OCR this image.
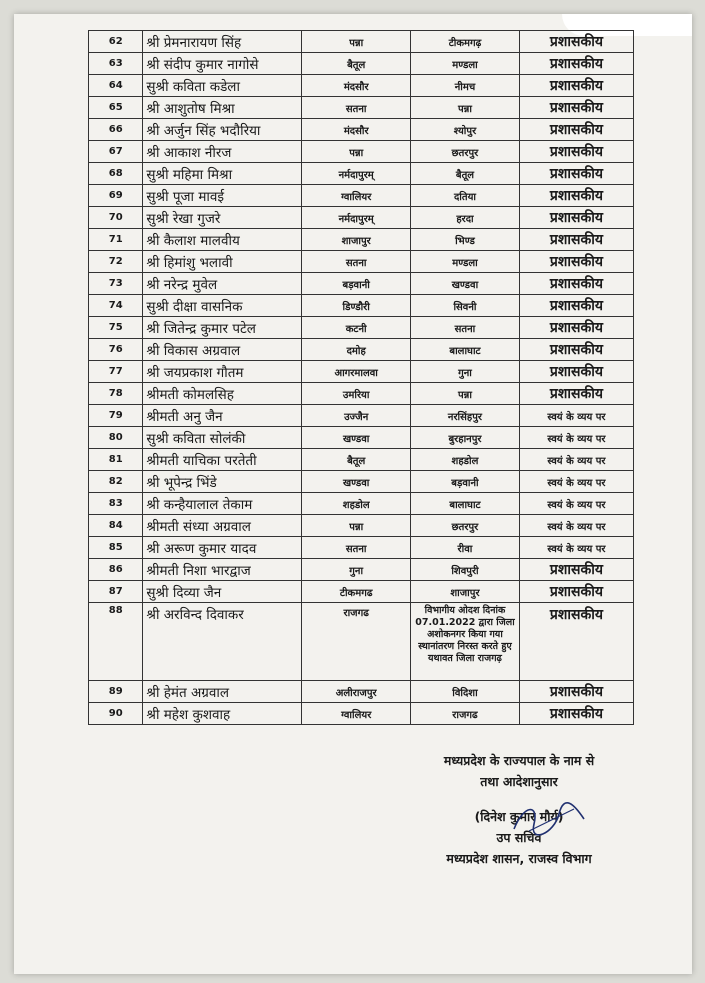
62	श्री प्रेमनारायण सिंह	पन्ना	टीकमगढ़	प्रशासकीय
63	श्री संदीप कुमार नागोसे	बैतूल	मण्डला	प्रशासकीय
64	सुश्री कविता कडेला	मंदसौर	नीमच	प्रशासकीय
65	श्री आशुतोष मिश्रा	सतना	पन्ना	प्रशासकीय
66	श्री अर्जुन सिंह भदौरिया	मंदसौर	श्योपुर	प्रशासकीय
67	श्री आकाश नीरज	पन्ना	छतरपुर	प्रशासकीय
68	सुश्री महिमा मिश्रा	नर्मदापुरम्	बैतूल	प्रशासकीय
69	सुश्री पूजा मावई	ग्वालियर	दतिया	प्रशासकीय
70	सुश्री रेखा गुजरे	नर्मदापुरम्	हरदा	प्रशासकीय
71	श्री कैलाश मालवीय	शाजापुर	भिण्ड	प्रशासकीय
72	श्री हिमांशु भलावी	सतना	मण्डला	प्रशासकीय
73	श्री नरेन्द्र मुवेल	बड़वानी	खण्डवा	प्रशासकीय
74	सुश्री दीक्षा वासनिक	डिण्डौरी	सिवनी	प्रशासकीय
75	श्री जितेन्द्र कुमार पटेल	कटनी	सतना	प्रशासकीय
76	श्री विकास अग्रवाल	दमोह	बालाघाट	प्रशासकीय
77	श्री जयप्रकाश गौतम	आगरमालवा	गुना	प्रशासकीय
78	श्रीमती कोमलसिह	उमरिया	पन्ना	प्रशासकीय
79	श्रीमती अनु जैन	उज्जैन	नरसिंहपुर	स्वयं के व्यय पर
80	सुश्री कविता सोलंकी	खण्डवा	बुरहानपुर	स्वयं के व्यय पर
81	श्रीमती याचिका परतेती	बैतूल	शहडोल	स्वयं के व्यय पर
82	श्री भूपेन्द्र भिंडे	खण्डवा	बड़वानी	स्वयं के व्यय पर
83	श्री कन्हैयालाल तेकाम	शहडोल	बालाघाट	स्वयं के व्यय पर
84	श्रीमती संध्या अग्रवाल	पन्ना	छतरपुर	स्वयं के व्यय पर
85	श्री अरूण कुमार यादव	सतना	रीवा	स्वयं के व्यय पर
86	श्रीमती निशा भारद्वाज	गुना	शिवपुरी	प्रशासकीय
87	सुश्री दिव्या जैन	टीकमगढ	शाजापुर	प्रशासकीय
88	श्री अरविन्द दिवाकर	राजगढ	विभागीय ओदश दिनांक 07.01.2022 द्वारा जिला अशोकनगर किया गया स्थानांतरण निरस्त करते हुए यथावत जिला राजगढ़	प्रशासकीय
89	श्री हेमंत अग्रवाल	अलीराजपुर	विदिशा	प्रशासकीय
90	श्री महेश कुशवाह	ग्वालियर	राजगढ	प्रशासकीय
मध्यप्रदेश के राज्यपाल के नाम से
तथा आदेशानुसार
(दिनेश कुमार मौर्य)
उप सचिव
मध्यप्रदेश शासन, राजस्व विभाग
